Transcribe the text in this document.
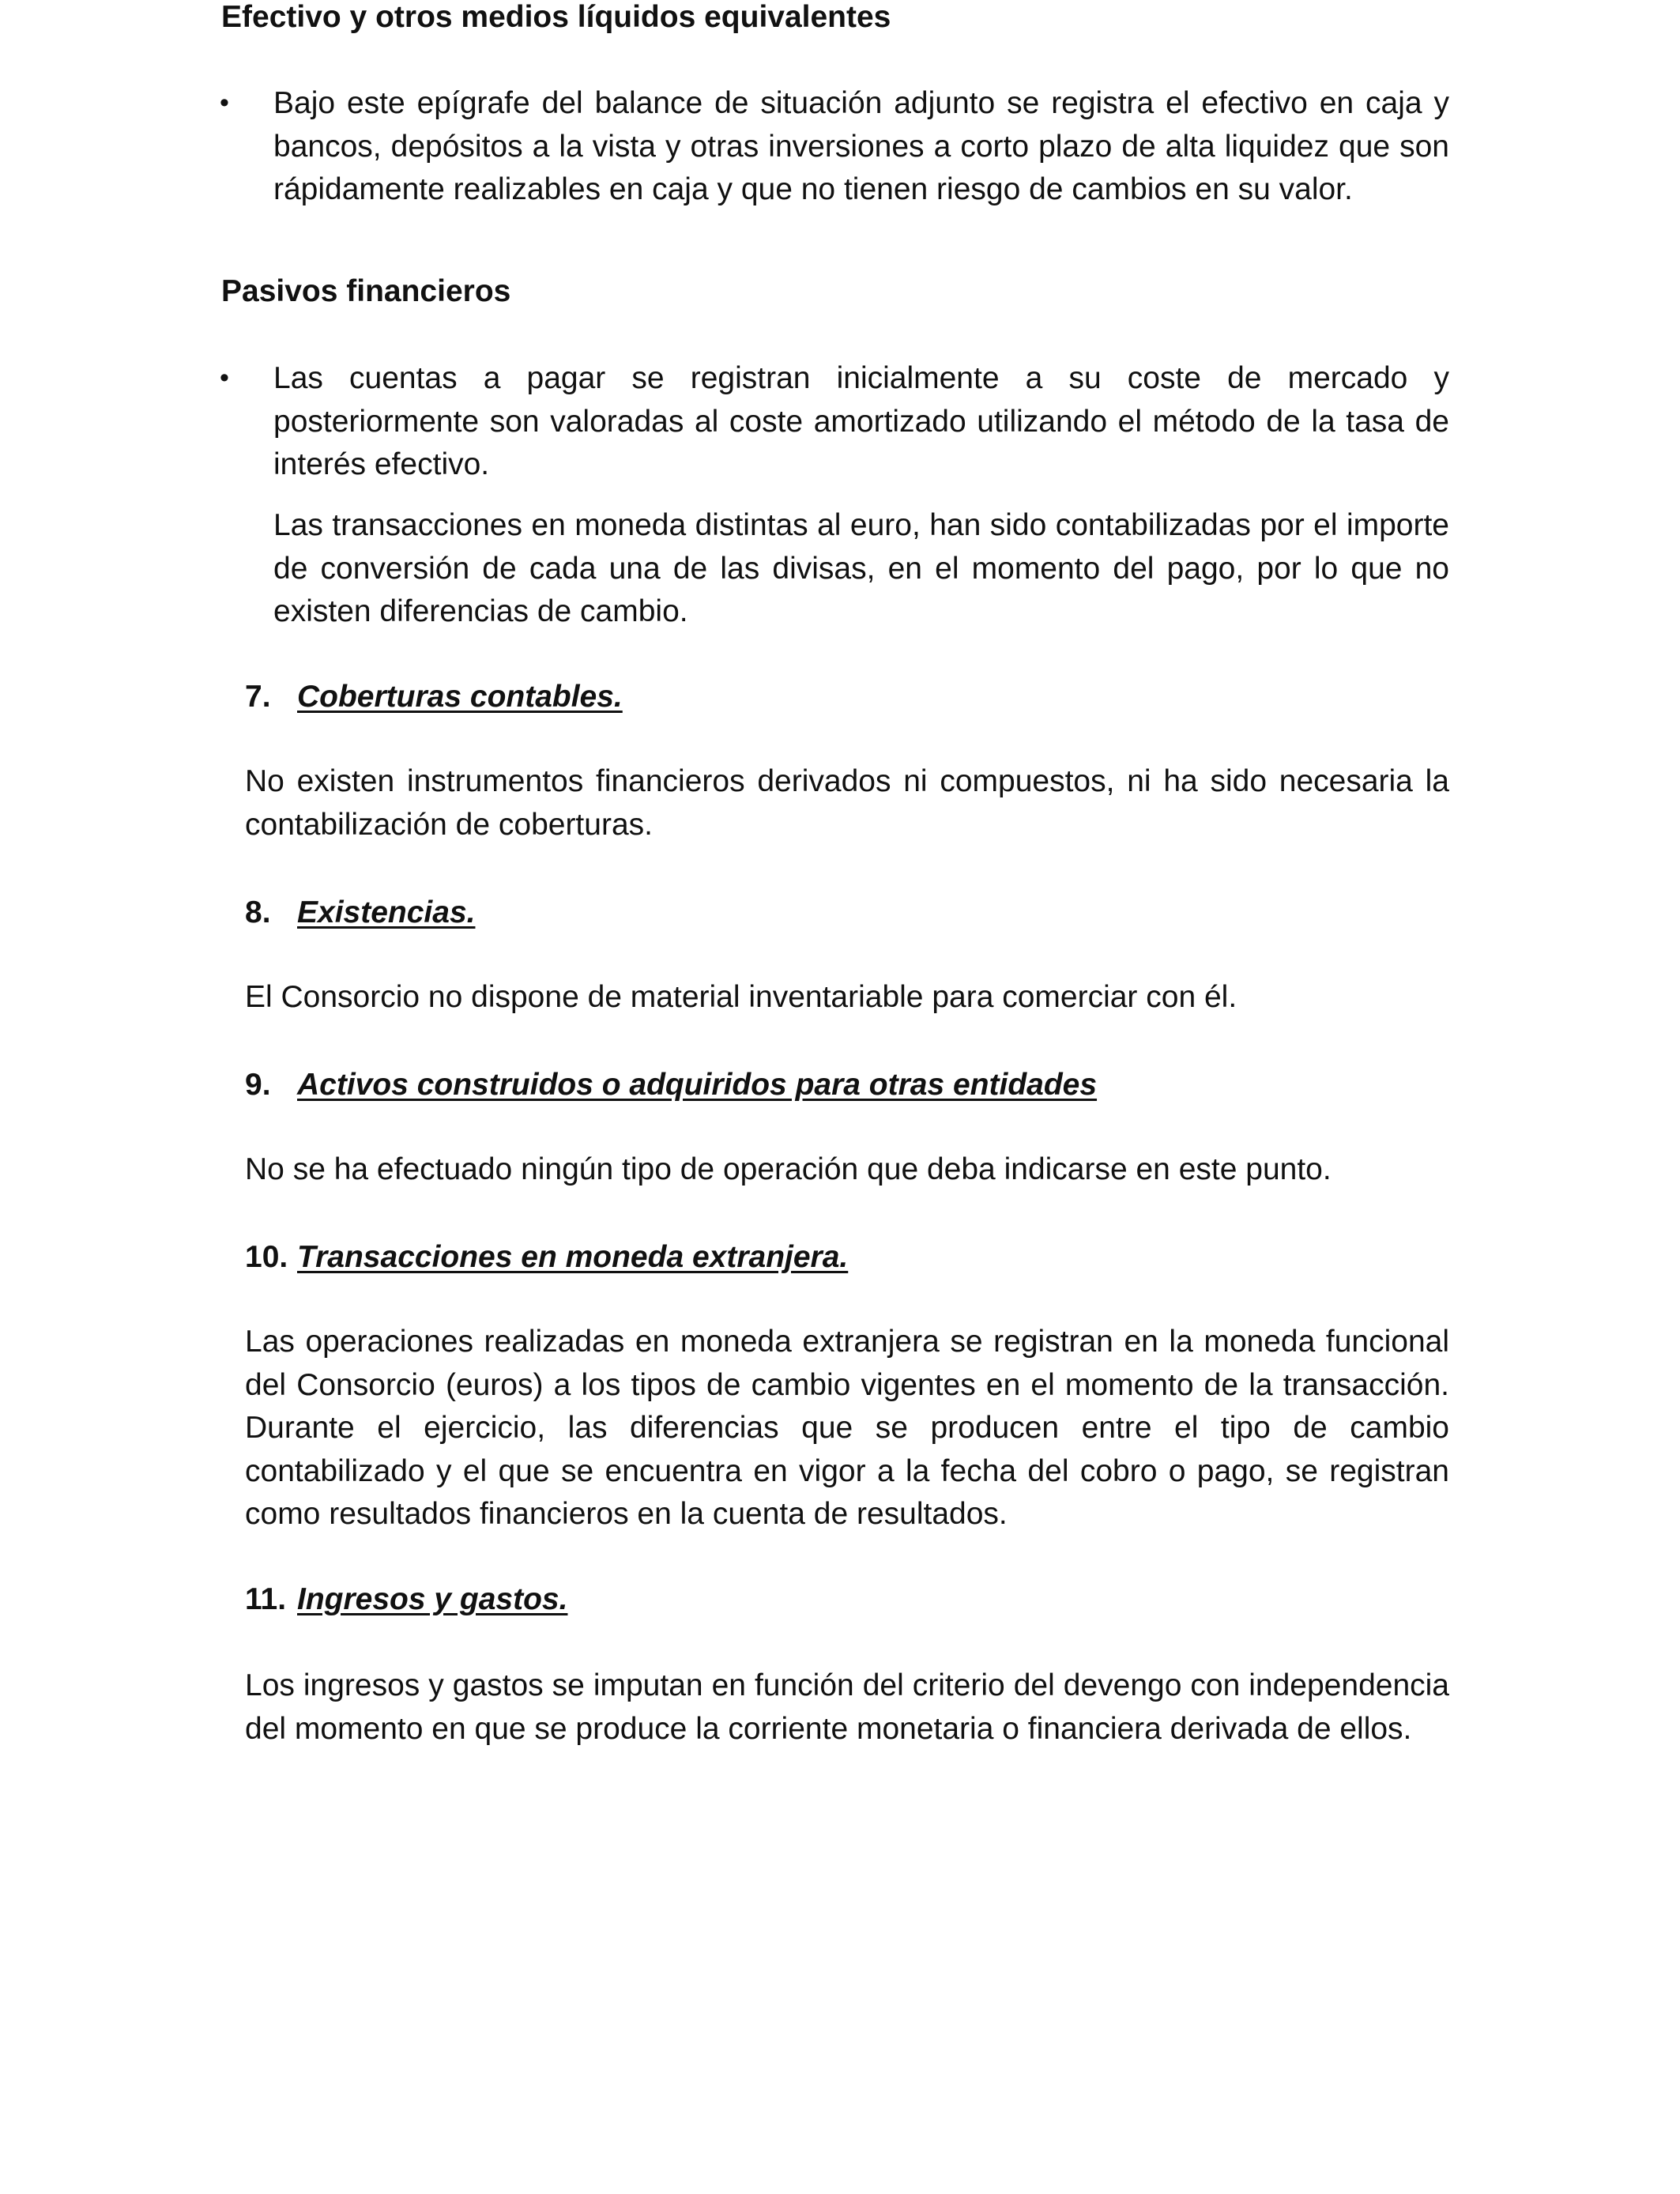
Efectivo y otros medios líquidos equivalentes
• Bajo este epígrafe del balance de situación adjunto se registra el efectivo en caja y bancos, depósitos a la vista y otras inversiones a corto plazo de alta liquidez que son rápidamente realizables en caja y que no tienen riesgo de cambios en su valor.

Pasivos financieros
• Las cuentas a pagar se registran inicialmente a su coste de mercado y posteriormente son valoradas al coste amortizado utilizando el método de la tasa de interés efectivo.

Las transacciones en moneda distintas al euro, han sido contabilizadas por el importe de conversión de cada una de las divisas, en el momento del pago, por lo que no existen diferencias de cambio.

7. Coberturas contables.

No existen instrumentos financieros derivados ni compuestos, ni ha sido necesaria la contabilización de coberturas.

8. Existencias.

El Consorcio no dispone de material inventariable para comerciar con él.

9. Activos construidos o adquiridos para otras entidades

No se ha efectuado ningún tipo de operación que deba indicarse en este punto.

10. Transacciones en moneda extranjera.

Las operaciones realizadas en moneda extranjera se registran en la moneda funcional del Consorcio (euros) a los tipos de cambio vigentes en el momento de la transacción. Durante el ejercicio, las diferencias que se producen entre el tipo de cambio contabilizado y el que se encuentra en vigor a la fecha del cobro o pago, se registran como resultados financieros en la cuenta de resultados.

11. Ingresos y gastos.

Los ingresos y gastos se imputan en función del criterio del devengo con independencia del momento en que se produce la corriente monetaria o financiera derivada de ellos.
